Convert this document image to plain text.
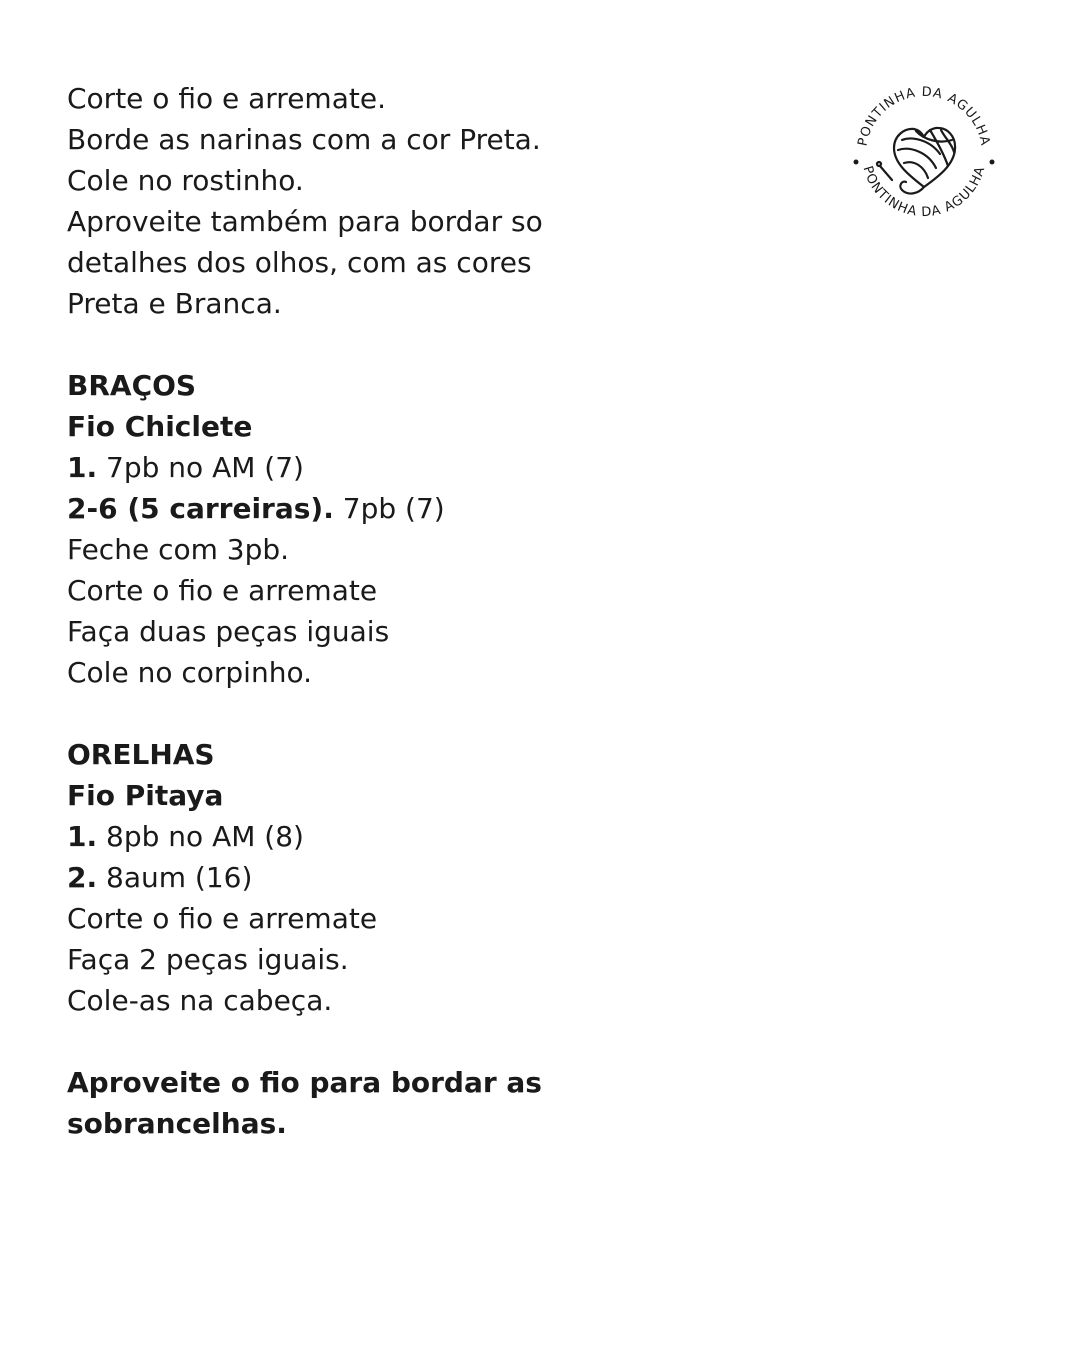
Corte o fio e arremate.
Borde as narinas com a cor Preta.
Cole no rostinho.
Aproveite também para bordar so
detalhes dos olhos, com as cores
Preta e Branca.
BRAÇOS
Fio Chiclete
1. 7pb no AM (7)
2-6 (5 carreiras). 7pb (7)
Feche com 3pb.
Corte o fio e arremate
Faça duas peças iguais
Cole no corpinho.
ORELHAS
Fio Pitaya
1. 8pb no AM (8)
2. 8aum (16)
Corte o fio e arremate
Faça 2 peças iguais.
Cole-as na cabeça.
Aproveite o fio para bordar as
sobrancelhas.
PONTINHA DA AGULHA
PONTINHA DA AGULHA
